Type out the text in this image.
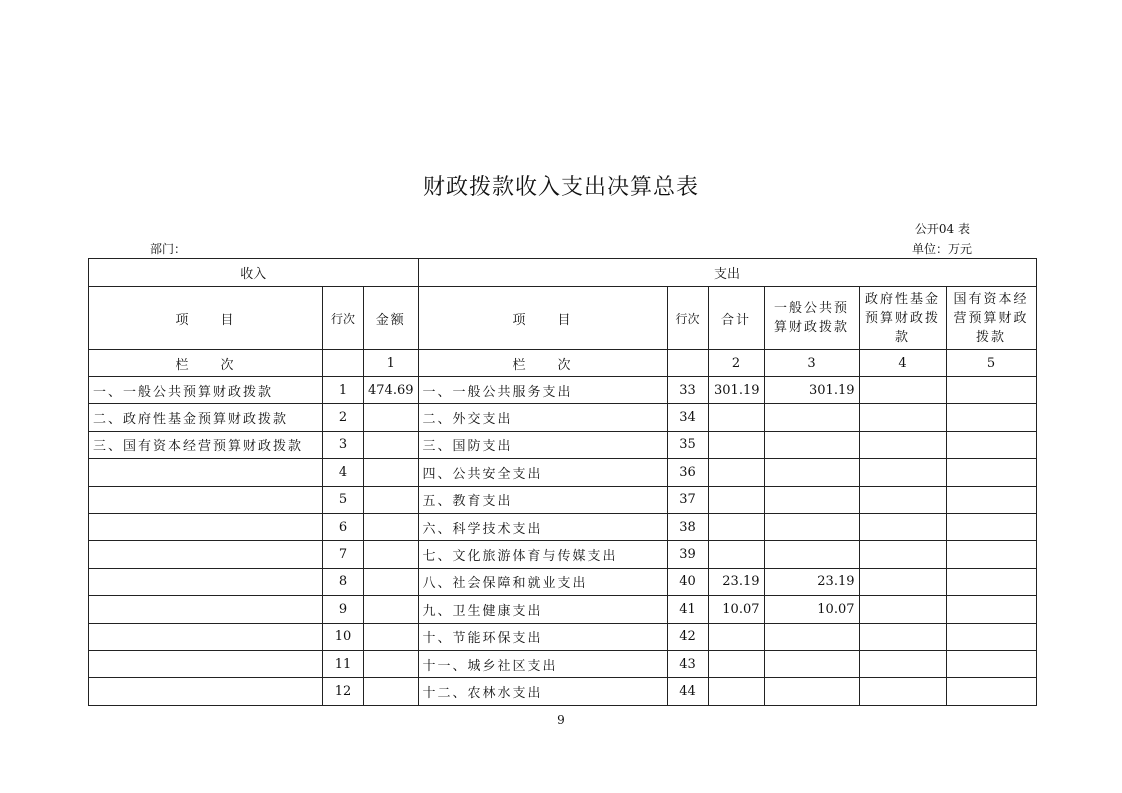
财政拨款收入支出决算总表
公开04 表
部门：	单位：万元
收入			支出					
项　　目	行次	金额	项　　目	行次	合计	一般公共预算财政拨款	政府性基金预算财政拨款	国有资本经营预算财政拨款
栏　　次		1	栏　　次		2	3	4	5
一、一般公共预算财政拨款	1	474.69	一、一般公共服务支出	33	301.19	301.19		
二、政府性基金预算财政拨款	2		二、外交支出	34				
三、国有资本经营预算财政拨款	3		三、国防支出	35				
	4		四、公共安全支出	36				
	5		五、教育支出	37				
	6		六、科学技术支出	38				
	7		七、文化旅游体育与传媒支出	39				
	8		八、社会保障和就业支出	40	23.19	23.19		
	9		九、卫生健康支出	41	10.07	10.07		
	10		十、节能环保支出	42				
	11		十一、城乡社区支出	43				
	12		十二、农林水支出	44				
9
